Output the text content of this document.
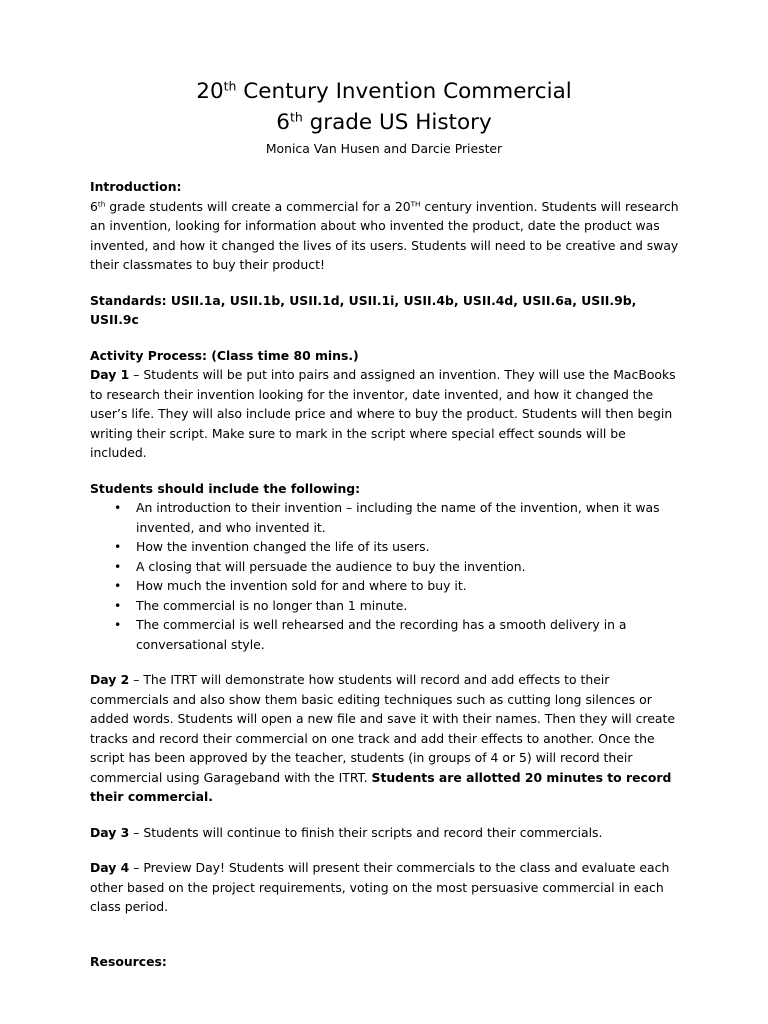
20th Century Invention Commercial
6th grade US History
Monica Van Husen and Darcie Priester

Introduction:

6th grade students will create a commercial for a 20TH century invention. Students will research an invention, looking for information about who invented the product, date the product was invented, and how it changed the lives of its users. Students will need to be creative and sway their classmates to buy their product!

Standards: USII.1a, USII.1b, USII.1d, USII.1i, USII.4b, USII.4d, USII.6a, USII.9b, USII.9c

Activity Process: (Class time 80 mins.)

Day 1 – Students will be put into pairs and assigned an invention. They will use the MacBooks to research their invention looking for the inventor, date invented, and how it changed the user’s life. They will also include price and where to buy the product. Students will then begin writing their script. Make sure to mark in the script where special effect sounds will be included.

Students should include the following:

• An introduction to their invention – including the name of the invention, when it was invented, and who invented it.
• How the invention changed the life of its users.
• A closing that will persuade the audience to buy the invention.
• How much the invention sold for and where to buy it.
• The commercial is no longer than 1 minute.
• The commercial is well rehearsed and the recording has a smooth delivery in a conversational style.

Day 2 – The ITRT will demonstrate how students will record and add effects to their commercials and also show them basic editing techniques such as cutting long silences or added words. Students will open a new file and save it with their names. Then they will create tracks and record their commercial on one track and add their effects to another. Once the script has been approved by the teacher, students (in groups of 4 or 5) will record their commercial using Garageband with the ITRT. Students are allotted 20 minutes to record their commercial.

Day 3 – Students will continue to finish their scripts and record their commercials.

Day 4 – Preview Day! Students will present their commercials to the class and evaluate each other based on the project requirements, voting on the most persuasive commercial in each class period.

Resources:
